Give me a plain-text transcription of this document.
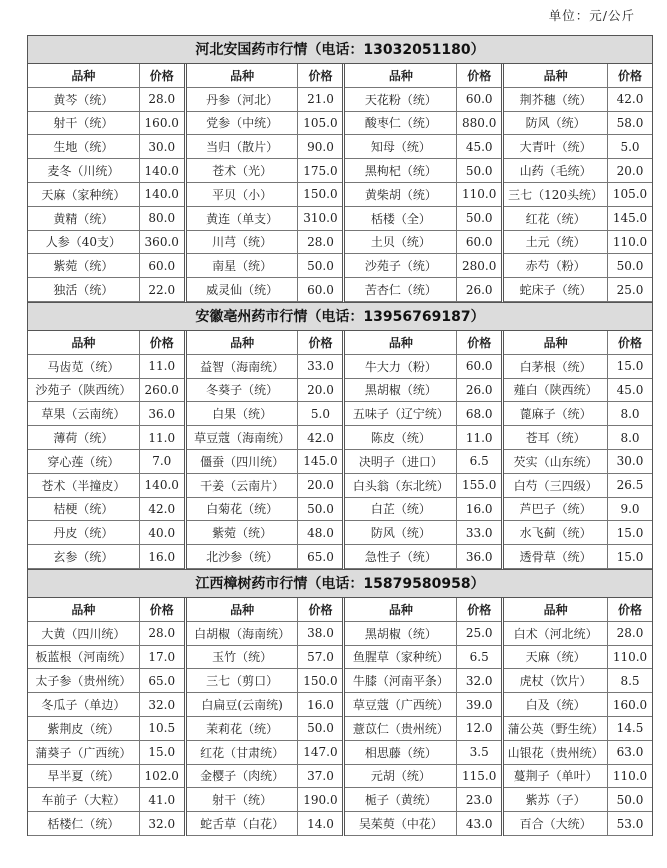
单位：元/公斤
河北安国药市行情（电话：13032051180）
品种	价格
黄芩（统）	28.0
射干（统）	160.0
生地（统）	30.0
麦冬（川统）	140.0
天麻（家种统）	140.0
黄精（统）	80.0
人参（40支）	360.0
紫菀（统）	60.0
独活（统）	22.0
品种	价格
丹参（河北）	21.0
党参（中统）	105.0
当归（散片）	90.0
苍术（光）	175.0
平贝（小）	150.0
黄连（单支）	310.0
川芎（统）	28.0
南星（统）	50.0
威灵仙（统）	60.0
品种	价格
天花粉（统）	60.0
酸枣仁（统）	880.0
知母（统）	45.0
黑枸杞（统）	50.0
黄柴胡（统）	110.0
栝楼（全）	50.0
土贝（统）	60.0
沙苑子（统）	280.0
苦杏仁（统）	26.0
品种	价格
荆芥穗（统）	42.0
防风（统）	58.0
大青叶（统）	5.0
山药（毛统）	20.0
三七（120头统） 105.0
红花（统）	145.0
土元（统）	110.0
赤芍（粉）	50.0
蛇床子（统）	25.0
安徽亳州药市行情（电话：13956769187）
品种	价格
马齿苋（统）	11.0
沙苑子（陕西统）	260.0
草果（云南统）	36.0
薄荷（统）	11.0
穿心莲（统）	7.0
苍术（半撞皮）	140.0
桔梗（统）	42.0
丹皮（统）	40.0
玄参（统）	16.0
品种	价格
益智（海南统）	33.0
冬葵子（统）	20.0
白果（统）	5.0
草豆蔻（海南统）	42.0
僵蚕（四川统）	145.0
干姜（云南片）	20.0
白菊花（统）	50.0
紫菀（统）	48.0
北沙参（统）	65.0
品种	价格
牛大力（粉）	60.0
黑胡椒（统）	26.0
五味子（辽宁统）	68.0
陈皮（统）	11.0
决明子（进口）	6.5
白头翁（东北统）	155.0
白芷（统）	16.0
防风（统）	33.0
急性子（统）	36.0
品种	价格
白茅根（统）	15.0
薤白（陕西统）	45.0
蓖麻子（统）	8.0
苍耳（统）	8.0
芡实（山东统）	30.0
白芍（三四级）	26.5
芦巴子（统）	9.0
水飞蓟（统）	15.0
透骨草（统）	15.0
江西樟树药市行情（电话：15879580958）
品种	价格
大黄（四川统）	28.0
板蓝根（河南统）	17.0
太子参（贵州统）	65.0
冬瓜子（单边）	32.0
紫荆皮（统）	10.5
蒲葵子（广西统）	15.0
旱半夏（统）	102.0
车前子（大粒）	41.0
栝楼仁（统）	32.0
品种	价格
白胡椒（海南统）	38.0
玉竹（统）	57.0
三七（剪口）	150.0
白扁豆(云南统)	16.0
茉莉花（统）	50.0
红花（甘肃统）	147.0
金樱子（肉统）	37.0
射干（统）	190.0
蛇舌草（白花）	14.0
品种	价格
黑胡椒（统）	25.0
鱼腥草（家种统）	6.5
牛膝（河南平条）	32.0
草豆蔻（广西统）	39.0
薏苡仁（贵州统）	12.0
相思藤（统）	3.5
元胡（统）	115.0
栀子（黄统）	23.0
吴茱萸（中花）	43.0
品种	价格
白术（河北统）	28.0
天麻（统）	110.0
虎杖（饮片）	8.5
白及（统）	160.0
蒲公英（野生统）	14.5
山银花（贵州统）	63.0
蔓荆子（单叶）	110.0
紫苏（子）	50.0
百合（大统）	53.0
